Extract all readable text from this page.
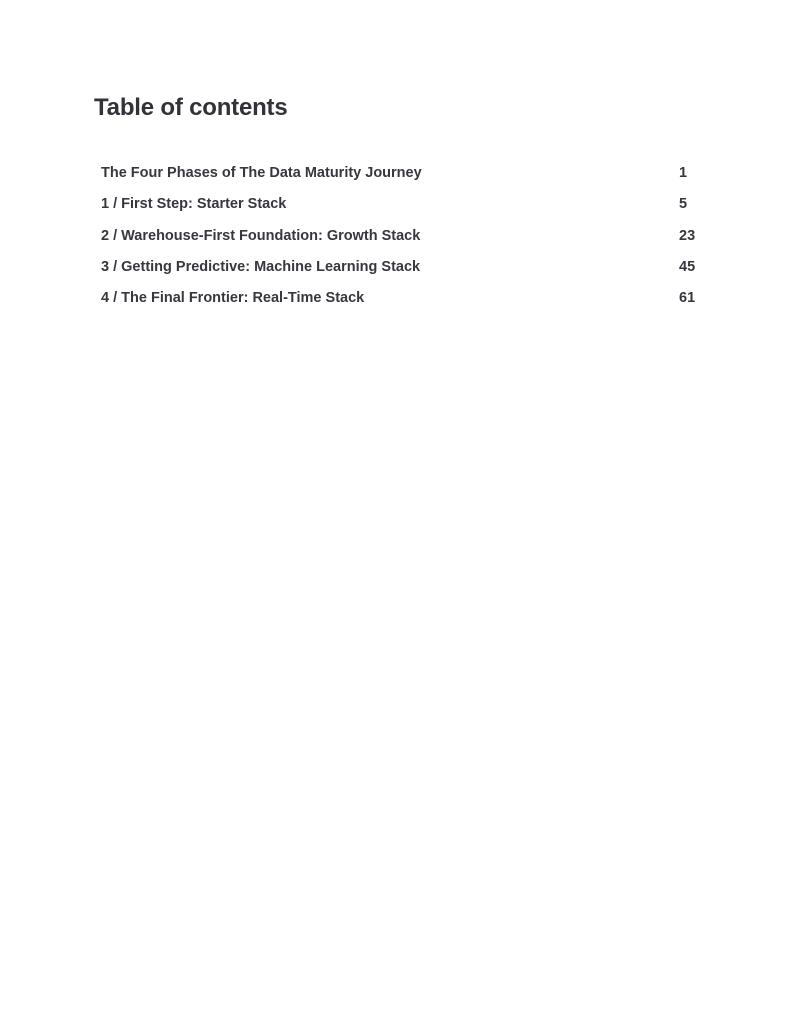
Table of contents
The Four Phases of The Data Maturity Journey	1
1 / First Step: Starter Stack	5
2 / Warehouse-First Foundation: Growth Stack	23
3 / Getting Predictive: Machine Learning Stack	45
4 / The Final Frontier: Real-Time Stack	61
